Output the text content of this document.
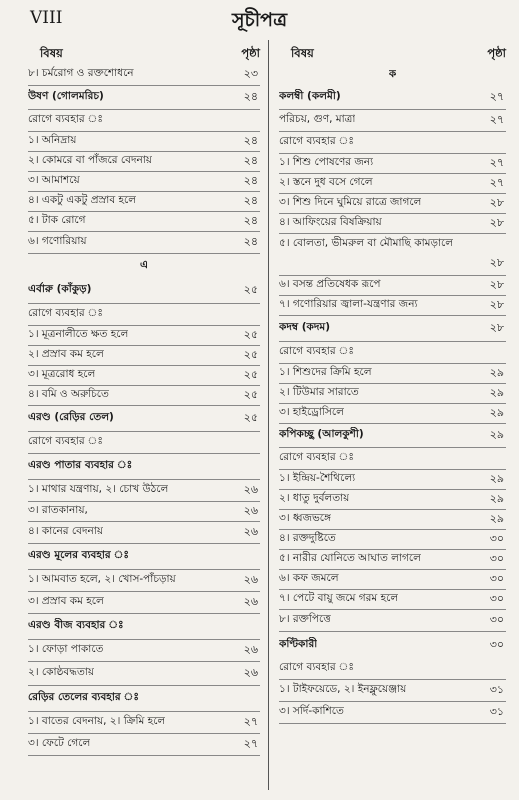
VIII	সূচীপত্র
বিষয়	পৃষ্ঠা
৮। চর্মরোগ ও রক্তশোধনে	২৩
উষণ (গোলমরিচ)	২৪
রোগে ব্যবহার ঃ
১। অনিদ্রায়	২৪
২। কোমরে বা পাঁজরে বেদনায়	২৪
৩। আমাশয়ে	২৪
৪। একটু একটু প্রস্রাব হলে	২৪
৫। টাক রোগে	২৪
৬। গণোরিয়ায়	২৪
এ
এর্বারু (কাঁকুড়)	২৫
রোগে ব্যবহার ঃ
১। মূত্রনালীতে ক্ষত হলে	২৫
২। প্রস্রাব কম হলে	২৫
৩। মূত্ররোধ হলে	২৫
৪। বমি ও অরুচিতে	২৫
এরণ্ড (রেড়ির তেল)	২৫
রোগে ব্যবহার ঃ
এরণ্ড পাতার ব্যবহার ঃ
১। মাথার যন্ত্রণায়, ২। চোখ উঠলে	২৬
৩। রাতকানায়,	২৬
৪। কানের বেদনায়	২৬
এরণ্ড মূলের ব্যবহার ঃ
১। আমবাত হলে, ২। খোস-পাঁচড়ায়	২৬
৩। প্রস্রাব কম হলে	২৬
এরণ্ড বীজ ব্যবহার ঃ
১। ফোড়া পাকাতে	২৬
২। কোষ্ঠবদ্ধতায়	২৬
রেড়ির তেলের ব্যবহার ঃ
১। বাতের বেদনায়, ২। ক্রিমি হলে	২৭
৩। ফেটে গেলে	২৭
বিষয়	পৃষ্ঠা
ক
কলম্বী (কলমী)	২৭
পরিচয়, গুণ, মাত্রা	২৭
রোগে ব্যবহার ঃ
১। শিশু পোষণের জন্য	২৭
২। স্তনে দুধ বসে গেলে	২৭
৩। শিশু দিনে ঘুমিয়ে রাত্রে জাগলে	২৮
৪। আফিংয়ের বিষক্রিয়ায়	২৮
৫। বোলতা, ভীমরুল বা মৌমাছি কামড়ালে
২৮
৬। বসন্ত প্রতিষেধক রূপে	২৮
৭। গণোরিয়ার জ্বালা-যন্ত্রণার জন্য	২৮
কদম্ব (কদম)	২৮
রোগে ব্যবহার ঃ
১। শিশুদের ক্রিমি হলে	২৯
২। টিউমার সারাতে	২৯
৩। হাইড্রোসিলে	২৯
কপিকচ্ছু (আলকুশী)	২৯
রোগে ব্যবহার ঃ
১। ইন্দ্রিয়-শৈথিল্যে	২৯
২। ধাতু দুর্বলতায়	২৯
৩। ধ্বজভঙ্গে	২৯
৪। রক্তদুষ্টিতে	৩০
৫। নারীর যোনিতে আঘাত লাগলে	৩০
৬। কফ জমলে	৩০
৭। পেটে বায়ু জমে গরম হলে	৩০
৮। রক্তপিত্তে	৩০
কণ্টিকারী	৩০
রোগে ব্যবহার ঃ
১। টাইফয়েডে, ২। ইনফ্লুয়েঞ্জায়	৩১
৩। সর্দি-কাশিতে	৩১
